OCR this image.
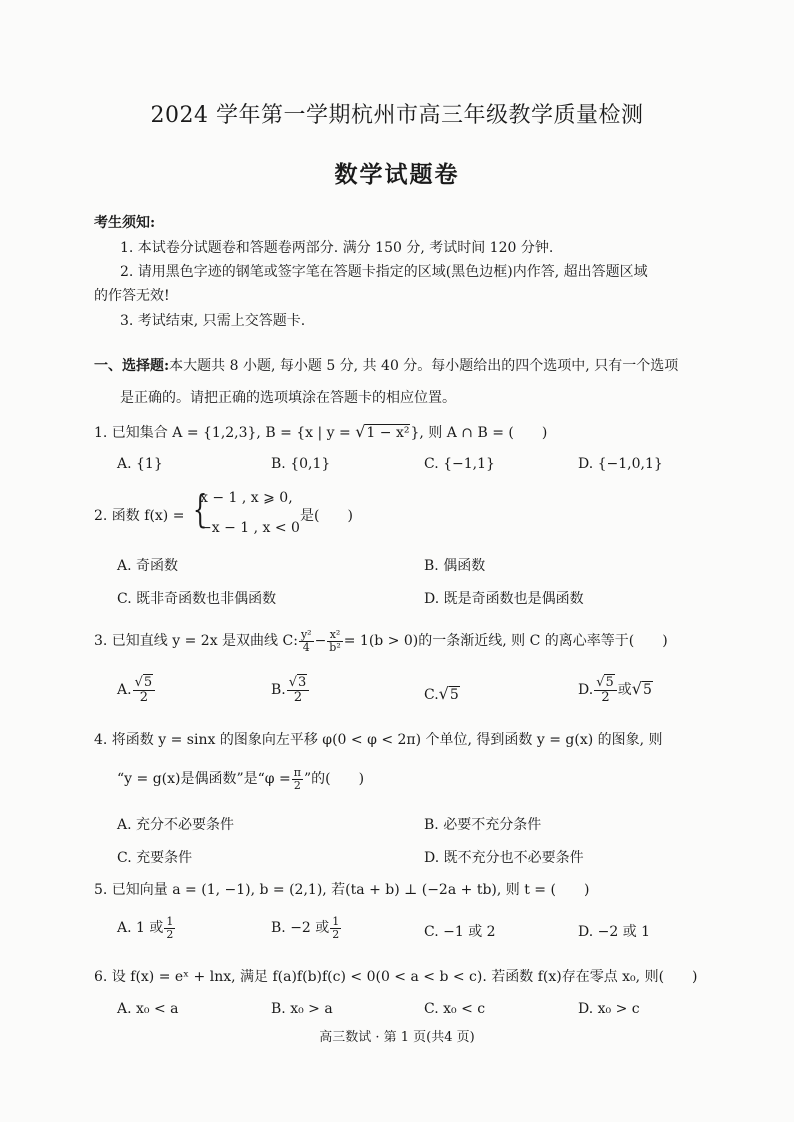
2024 学年第一学期杭州市高三年级教学质量检测
数学试题卷
考生须知:
1. 本试卷分试题卷和答题卷两部分. 满分 150 分, 考试时间 120 分钟.
2. 请用黑色字迹的钢笔或签字笔在答题卡指定的区域(黑色边框)内作答, 超出答题区域
的作答无效!
3. 考试结束, 只需上交答题卡.
一、选择题:本大题共 8 小题, 每小题 5 分, 共 40 分。每小题给出的四个选项中, 只有一个选项
是正确的。请把正确的选项填涂在答题卡的相应位置。
1. 已知集合 A = {1,2,3}, B = {x | y = √1 − x²}, 则 A ∩ B = (　　)
A. {1}	B. {0,1}	C. {−1,1}	D. {−1,0,1}
2. 函数 f(x) = {
x − 1 , x ⩾ 0,
−x − 1 , x < 0
是(　　)
A. 奇函数	B. 偶函数
C. 既非奇函数也非偶函数	D. 既是奇函数也是偶函数
3. 已知直线 y = 2x 是双曲线 C: $\frac{\text{y²}}{4} - \frac{\text{x²}}{\text{b²}} = 1(b > 0)$的一条渐近线, 则 C 的离心率等于(　　)
A. $\frac{√5}{2}$	B. $\frac{√3}{2}$	C.√5	D. $\frac{√5}{2}$ 或√5
4. 将函数 y = sinx 的图象向左平移 φ(0 < φ < 2π) 个单位, 得到函数 y = g(x) 的图象, 则
“y = g(x)是偶函数”是“$\varphi = \frac{\pi}{2}$ ”的(　　)
A. 充分不必要条件	B. 必要不充分条件
C. 充要条件	D. 既不充分也不必要条件
5. 已知向量 a = (1, −1), b = (2,1), 若(ta + b) ⊥ (−2a + tb), 则 t = (　　)
A. 1 或 $\frac{1}{2}$	B. −2 或 $\frac{1}{2}$	C. −1 或 2	D. −2 或 1
6. 设 f(x) = eˣ + lnx, 满足 f(a)f(b)f(c) < 0(0 < a < b < c). 若函数 f(x)存在零点 x₀, 则(　　)
A. x₀ < a	B. x₀ > a	C. x₀ < c	D. x₀ > c
高三数试 · 第 1 页(共4 页)
